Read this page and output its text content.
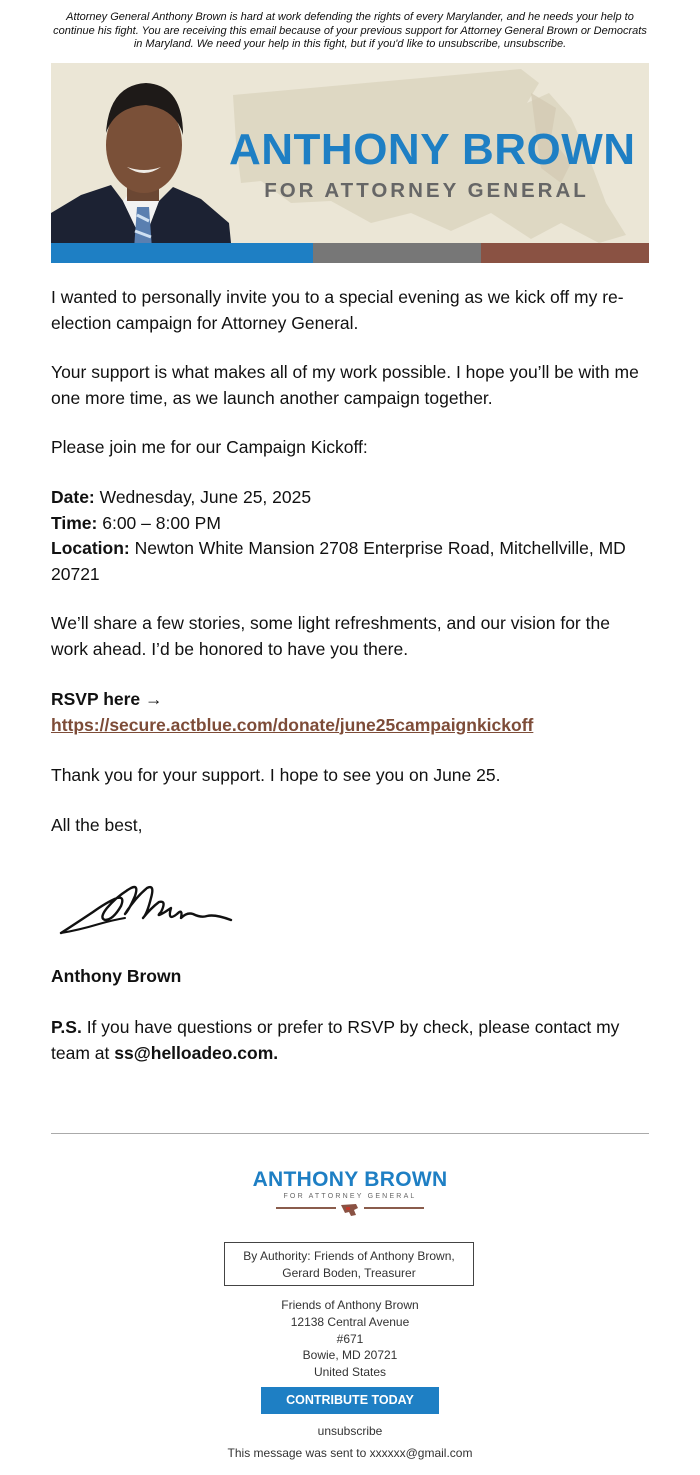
Attorney General Anthony Brown is hard at work defending the rights of every Marylander, and he needs your help to continue his fight. You are receiving this email because of your previous support for Attorney General Brown or Democrats in Maryland. We need your help in this fight, but if you'd like to unsubscribe, unsubscribe.
ANTHONY BROWN
FOR ATTORNEY GENERAL

I wanted to personally invite you to a special evening as we kick off my re-election campaign for Attorney General.

Your support is what makes all of my work possible. I hope you’ll be with me one more time, as we launch another campaign together.

Please join me for our Campaign Kickoff:

Date: Wednesday, June 25, 2025
Time: 6:00 – 8:00 PM
Location: Newton White Mansion 2708 Enterprise Road, Mitchellville, MD 20721

We’ll share a few stories, some light refreshments, and our vision for the work ahead. I’d be honored to have you there.

RSVP here →
https://secure.actblue.com/donate/june25campaignkickoff

Thank you for your support. I hope to see you on June 25.

All the best,

Anthony Brown

P.S. If you have questions or prefer to RSVP by check, please contact my team at ss@helloadeo.com.

ANTHONY BROWN
FOR ATTORNEY GENERAL
By Authority: Friends of Anthony Brown,
Gerard Boden, Treasurer
Friends of Anthony Brown
12138 Central Avenue
#671
Bowie, MD 20721
United States
CONTRIBUTE TODAY
unsubscribe
This message was sent to xxxxxx@gmail.com
